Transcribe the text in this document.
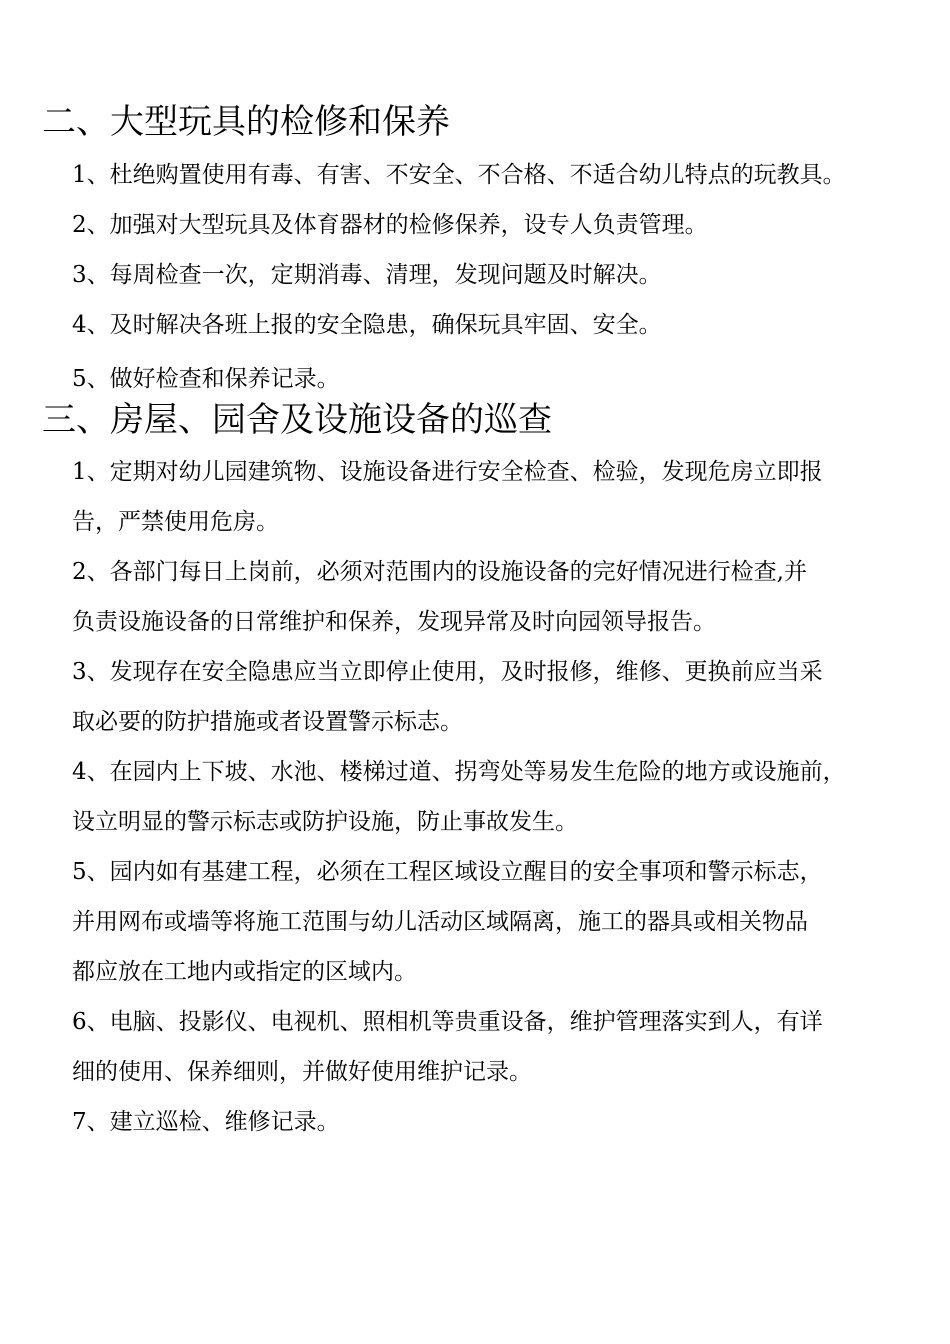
二、大型玩具的检修和保养
1、杜绝购置使用有毒、有害、不安全、不合格、不适合幼儿特点的玩教具。
2、加强对大型玩具及体育器材的检修保养，设专人负责管理。
3、每周检查一次，定期消毒、清理，发现问题及时解决。
4、及时解决各班上报的安全隐患，确保玩具牢固、安全。
5、做好检查和保养记录。
三、房屋、园舍及设施设备的巡查
1、定期对幼儿园建筑物、设施设备进行安全检查、检验，发现危房立即报
告，严禁使用危房。
2、各部门每日上岗前，必须对范围内的设施设备的完好情况进行检查,并
负责设施设备的日常维护和保养，发现异常及时向园领导报告。
3、发现存在安全隐患应当立即停止使用，及时报修，维修、更换前应当采
取必要的防护措施或者设置警示标志。
4、在园内上下坡、水池、楼梯过道、拐弯处等易发生危险的地方或设施前，
设立明显的警示标志或防护设施，防止事故发生。
5、园内如有基建工程，必须在工程区域设立醒目的安全事项和警示标志，
并用网布或墙等将施工范围与幼儿活动区域隔离，施工的器具或相关物品
都应放在工地内或指定的区域内。
6、电脑、投影仪、电视机、照相机等贵重设备，维护管理落实到人，有详
细的使用、保养细则，并做好使用维护记录。
7、建立巡检、维修记录。
